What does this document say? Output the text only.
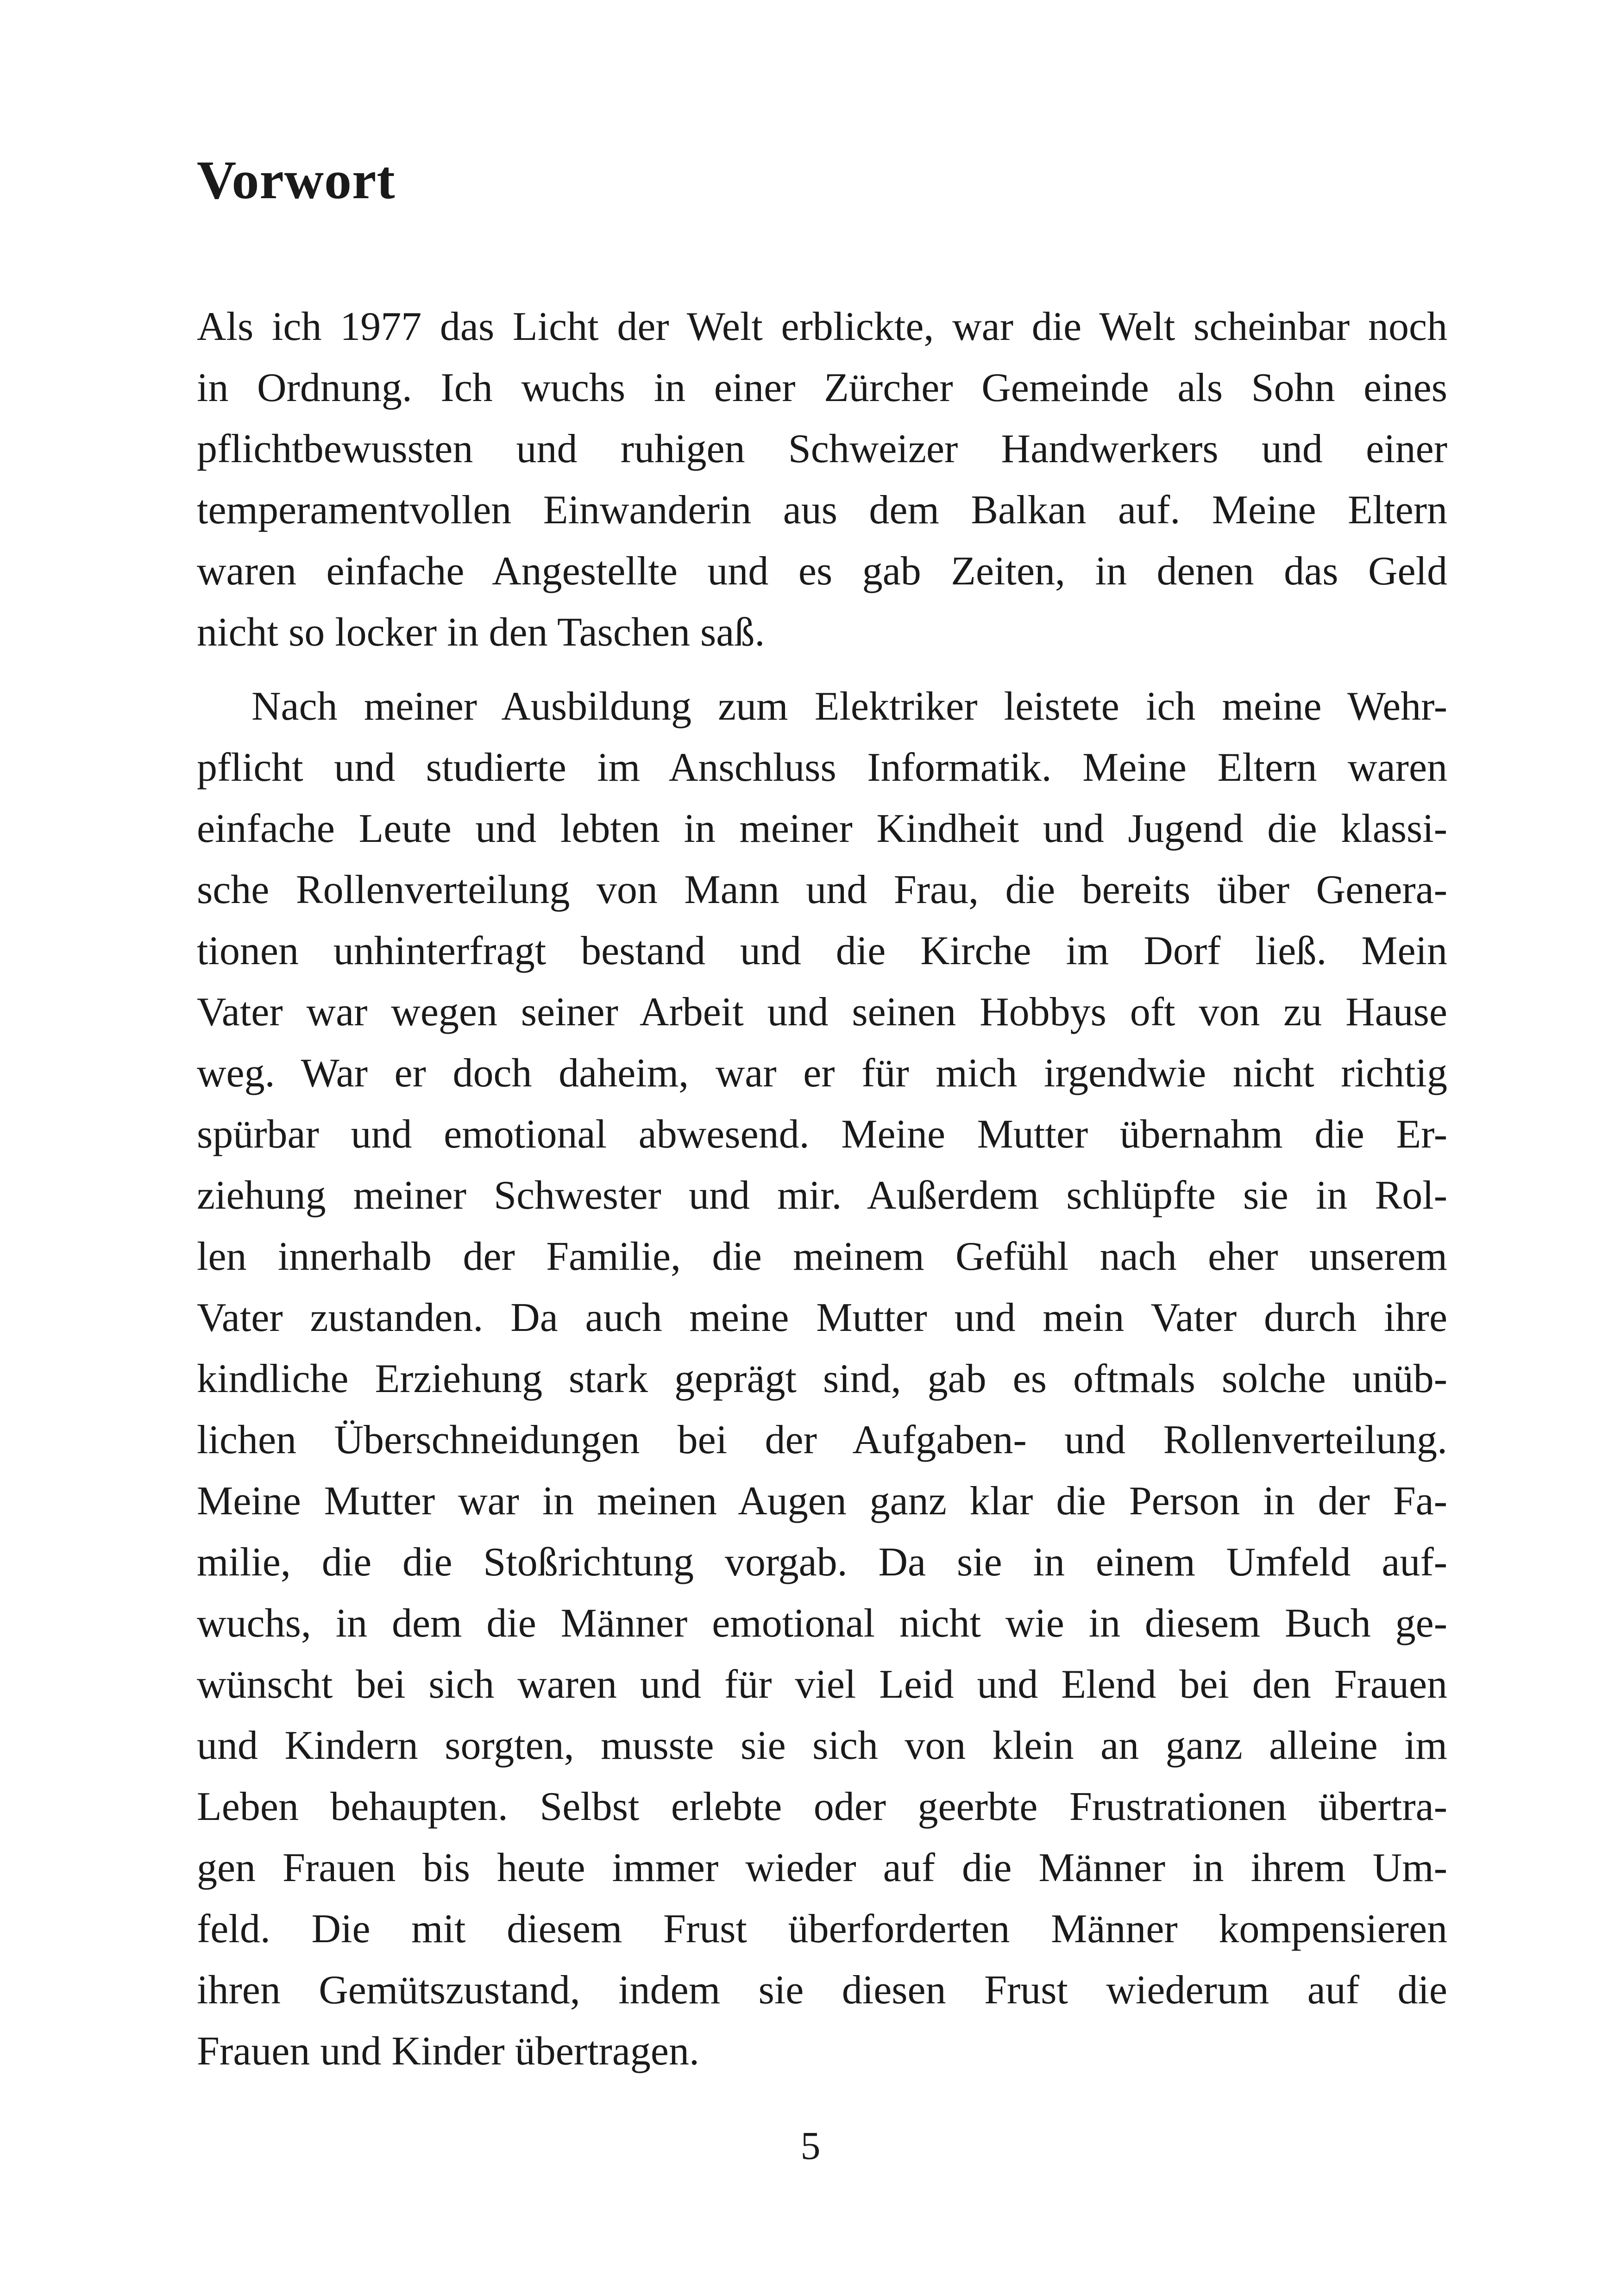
Vorwort
Als ich 1977 das Licht der Welt erblickte, war die Welt scheinbar noch
in Ordnung. Ich wuchs in einer Zürcher Gemeinde als Sohn eines
pflichtbewussten und ruhigen Schweizer Handwerkers und einer
temperamentvollen Einwanderin aus dem Balkan auf. Meine Eltern
waren einfache Angestellte und es gab Zeiten, in denen das Geld
nicht so locker in den Taschen saß.
Nach meiner Ausbildung zum Elektriker leistete ich meine Wehr-
pflicht und studierte im Anschluss Informatik. Meine Eltern waren
einfache Leute und lebten in meiner Kindheit und Jugend die klassi-
sche Rollenverteilung von Mann und Frau, die bereits über Genera-
tionen unhinterfragt bestand und die Kirche im Dorf ließ. Mein
Vater war wegen seiner Arbeit und seinen Hobbys oft von zu Hause
weg. War er doch daheim, war er für mich irgendwie nicht richtig
spürbar und emotional abwesend. Meine Mutter übernahm die Er-
ziehung meiner Schwester und mir. Außerdem schlüpfte sie in Rol-
len innerhalb der Familie, die meinem Gefühl nach eher unserem
Vater zustanden. Da auch meine Mutter und mein Vater durch ihre
kindliche Erziehung stark geprägt sind, gab es oftmals solche unüb-
lichen Überschneidungen bei der Aufgaben- und Rollenverteilung.
Meine Mutter war in meinen Augen ganz klar die Person in der Fa-
milie, die die Stoßrichtung vorgab. Da sie in einem Umfeld auf-
wuchs, in dem die Männer emotional nicht wie in diesem Buch ge-
wünscht bei sich waren und für viel Leid und Elend bei den Frauen
und Kindern sorgten, musste sie sich von klein an ganz alleine im
Leben behaupten. Selbst erlebte oder geerbte Frustrationen übertra-
gen Frauen bis heute immer wieder auf die Männer in ihrem Um-
feld. Die mit diesem Frust überforderten Männer kompensieren
ihren Gemütszustand, indem sie diesen Frust wiederum auf die
Frauen und Kinder übertragen.
5
